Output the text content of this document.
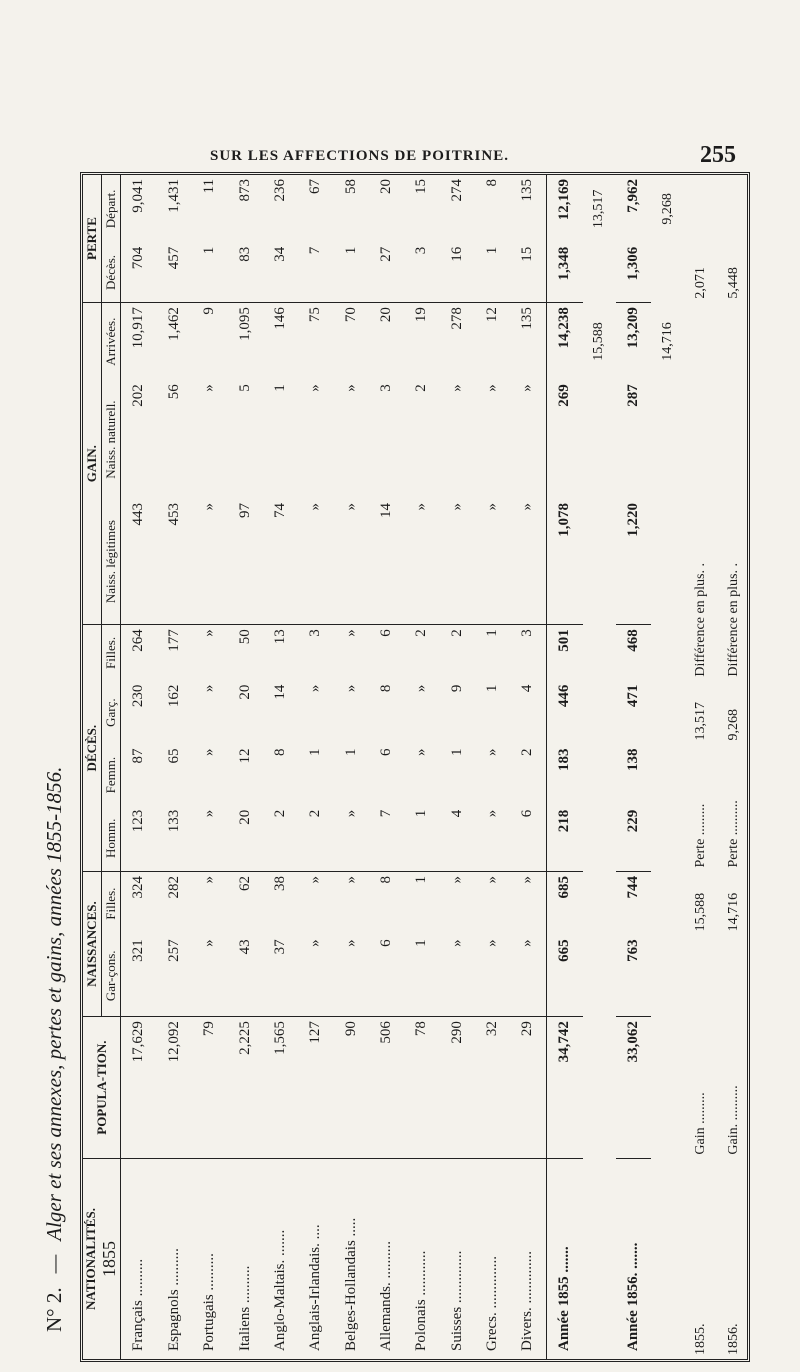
SUR LES AFFECTIONS DE POITRINE.	255
N° 2.
—
Alger et ses annexes, pertes et gains, années 1855-1856.
NATIONALITÉS.
1855	POPULA-TION.	NAISSANCES.		DÉCÈS.				GAIN.			PERTE	
		Gar-çons.	Filles.	Homm.	Femm.	Garç.	Filles.	Naiss. légitimes	Naiss. naturell.	Arrivées.	Décès.	Départ.
Français ..........	17,629	321	324	123	87	230	264	443	202	10,917	704	9,041
Espagnols ..........	12,092	257	282	133	65	162	177	453	56	1,462	457	1,431
Portugais ..........	79	»	»	»	»	»	»	»	»	9	1	11
Italiens ..........	2,225	43	62	20	12	20	50	97	5	1,095	83	873
Anglo-Maltais. .......	1,565	37	38	2	8	14	13	74	1	146	34	236
Anglais-Irlandais. ....	127	»	»	2	1	»	3	»	»	75	7	67
Belges-Hollandais .....	90	»	»	»	1	»	»	»	»	70	1	58
Allemands. ..........	506	6	8	7	6	8	6	14	3	20	27	20
Polonais ............	78	1	1	1	»	»	2	»	2	19	3	15
Suisses ..............	290	»	»	4	1	9	2	»	»	278	16	274
Grecs. ..............	32	»	»	»	»	1	1	»	»	12	1	8
Divers. ..............	29	»	»	6	2	4	3	»	»	135	15	135
Année 1855 .......	34,742	665	685	218	183	446	501	1,078	269	14,238	1,348	12,169
										15,588		13,517
Année 1856. .......	33,062	763	744	229	138	471	468	1,220	287	13,209	1,306	7,962
										14,716		9,268
1855.	Gain .........		15,588	Perte .........		13,517	Différence en plus. .				2,071	
1856.	Gain. ..........		14,716	Perte ..........		9,268	Différence en plus. .				5,448	
